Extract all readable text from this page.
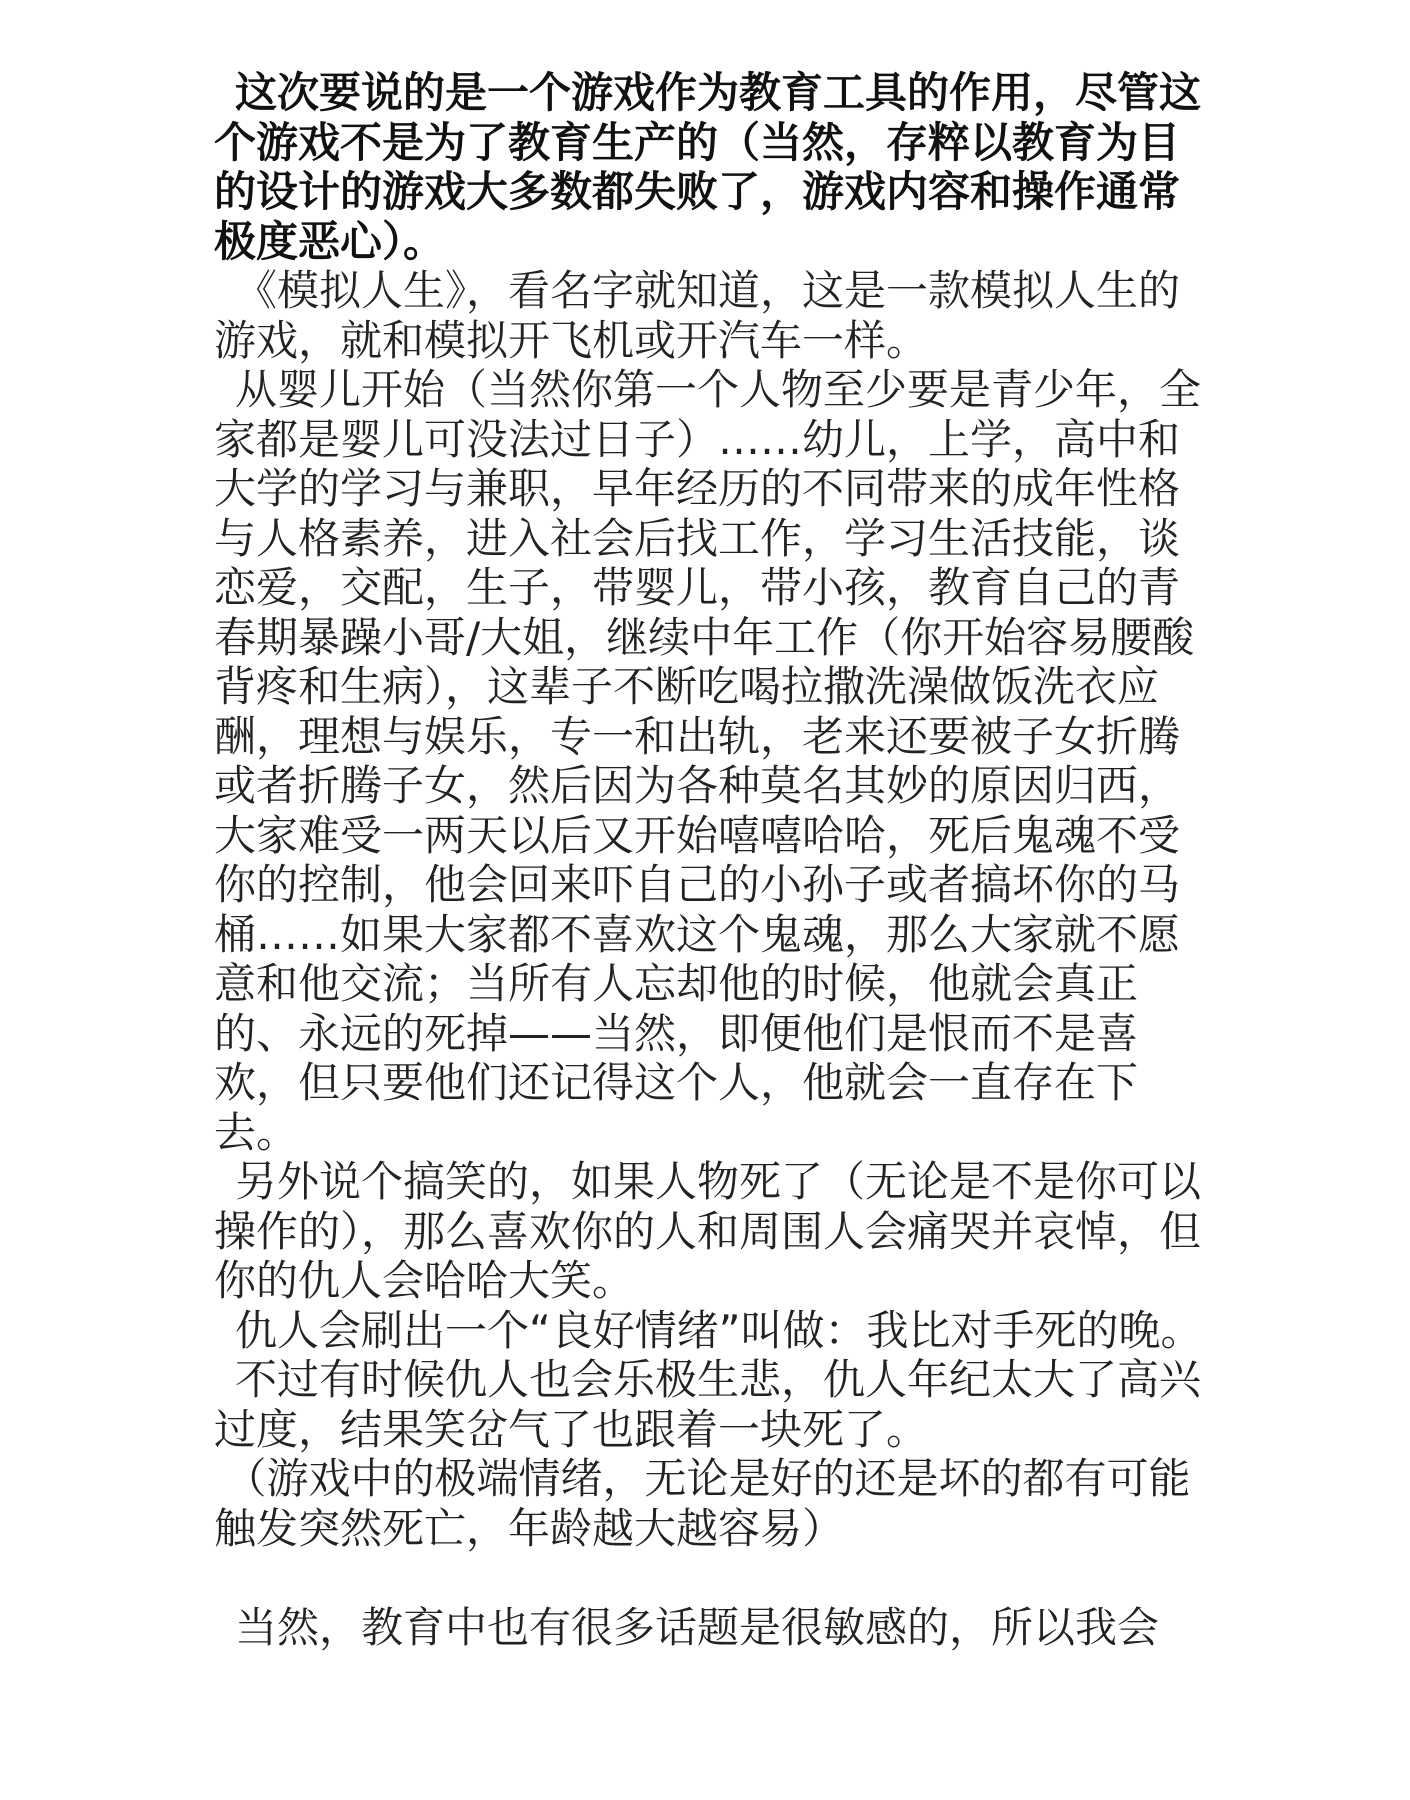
这次要说的是一个游戏作为教育工具的作用，尽管这个游戏不是为了教育生产的（当然，存粹以教育为目的设计的游戏大多数都失败了，游戏内容和操作通常极度恶心）。

《模拟人生》，看名字就知道，这是一款模拟人生的游戏，就和模拟开飞机或开汽车一样。

从婴儿开始（当然你第一个人物至少要是青少年，全家都是婴儿可没法过日子）……幼儿，上学，高中和大学的学习与兼职，早年经历的不同带来的成年性格与人格素养，进入社会后找工作，学习生活技能，谈恋爱，交配，生子，带婴儿，带小孩，教育自己的青春期暴躁小哥/大姐，继续中年工作（你开始容易腰酸背疼和生病），这辈子不断吃喝拉撒洗澡做饭洗衣应酬，理想与娱乐，专一和出轨，老来还要被子女折腾或者折腾子女，然后因为各种莫名其妙的原因归西，大家难受一两天以后又开始嘻嘻哈哈，死后鬼魂不受你的控制，他会回来吓自己的小孙子或者搞坏你的马桶……如果大家都不喜欢这个鬼魂，那么大家就不愿意和他交流；当所有人忘却他的时候，他就会真正的、永远的死掉——当然，即便他们是恨而不是喜欢，但只要他们还记得这个人，他就会一直存在下去。

另外说个搞笑的，如果人物死了（无论是不是你可以操作的），那么喜欢你的人和周围人会痛哭并哀悼，但你的仇人会哈哈大笑。

仇人会刷出一个“良好情绪”叫做：我比对手死的晚。

不过有时候仇人也会乐极生悲，仇人年纪太大了高兴过度，结果笑岔气了也跟着一块死了。

（游戏中的极端情绪，无论是好的还是坏的都有可能触发突然死亡，年龄越大越容易）

当然，教育中也有很多话题是很敏感的，所以我会
